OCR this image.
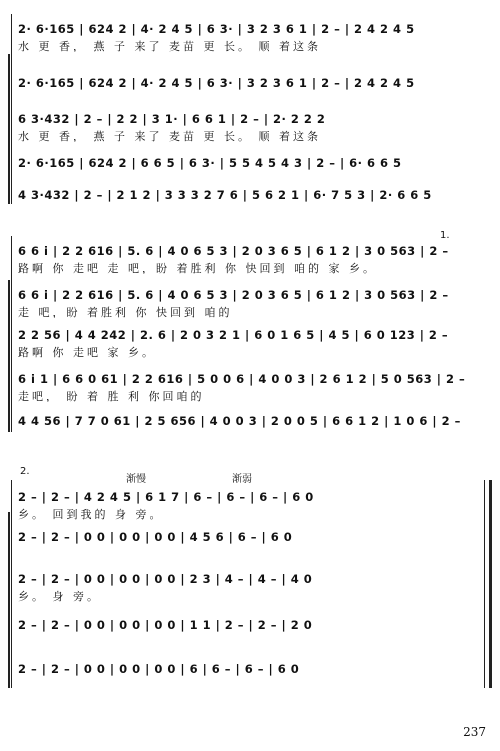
2· 6·165 | 624 2 | 4· 2 4 5 | 6 3· | 3 2 3 6 1 | 2 – | 2 4 2 4 5
水 更 香， 燕 子 来了 麦苗 更 长。 顺 着这条
2· 6·165 | 624 2 | 4· 2 4 5 | 6 3· | 3 2 3 6 1 | 2 – | 2 4 2 4 5
6 3·432 | 2 – | 2 2 | 3 1· | 6 6 1 | 2 – | 2· 2 2 2
水 更 香， 燕 子 来了 麦苗 更 长。 顺 着这条
2· 6·165 | 624 2 | 6 6 5 | 6 3· | 5 5 4 5 4 3 | 2 – | 6· 6 6 5
4 3·432 | 2 – | 2 1 2 | 3 3 3 2 7 6 | 5 6 2 1 | 6· 7 5 3 | 2· 6 6 5
1.
6 6 i | 2 2 616 | 5. 6 | 4 0 6 5 3 | 2 0 3 6 5 | 6 1 2 | 3 0 563 | 2 –
路啊 你 走吧 走 吧，盼 着胜利 你 快回到 咱的 家 乡。
6 6 i | 2 2 616 | 5. 6 | 4 0 6 5 3 | 2 0 3 6 5 | 6 1 2 | 3 0 563 | 2 –
走 吧，盼 着胜利 你 快回到 咱的
2 2 56 | 4 4 242 | 2. 6 | 2 0 3 2 1 | 6 0 1 6 5 | 4 5 | 6 0 123 | 2 –
路啊 你 走吧 家 乡。
6 i 1 | 6 6 0 61 | 2 2 616 | 5 0 0 6 | 4 0 0 3 | 2 6 1 2 | 5 0 563 | 2 –
走吧， 盼 着 胜 利 你回咱的
4 4 56 | 7 7 0 61 | 2 5 656 | 4 0 0 3 | 2 0 0 5 | 6 6 1 2 | 1 0 6 | 2 –
2.
渐慢	渐弱
2 – | 2 – | 4 2 4 5 | 6 1 7 | 6 – | 6 – | 6 – | 6 0
乡。 回到我的 身 旁。
2 – | 2 – | 0 0 | 0 0 | 0 0 | 4 5 6 | 6 – | 6 0
2 – | 2 – | 0 0 | 0 0 | 0 0 | 2 3 | 4 – | 4 – | 4 0
乡。 身 旁。
2 – | 2 – | 0 0 | 0 0 | 0 0 | 1 1 | 2 – | 2 – | 2 0
2 – | 2 – | 0 0 | 0 0 | 0 0 | 6 | 6 – | 6 – | 6 0
237
